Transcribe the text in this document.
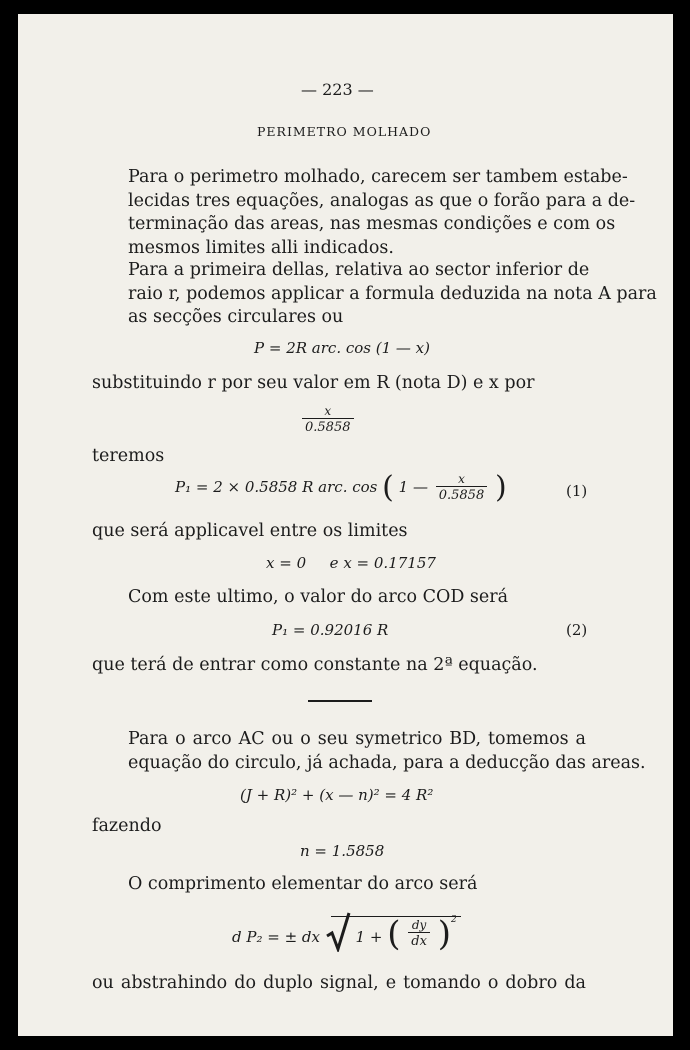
— 223 —
PERIMETRO MOLHADO
Para o perimetro molhado, carecem ser tambem estabe-
lecidas tres equações, analogas as que o forão para a de-
terminação das areas, nas mesmas condições e com os
mesmos limites alli indicados.
Para a primeira dellas, relativa ao sector inferior de
raio r, podemos applicar a formula deduzida na nota A para
as secções circulares ou
P = 2R arc. cos (1 — x)
substituindo r por seu valor em R (nota D) e x por
$\frac{x}{0.5858}$
teremos
P₁ = 2 × 0.5858 R arc. cos ( 1 — $\frac{x}{0.5858}$ )	(1)
que será applicavel entre os limites
x = 0 e x = 0.17157
Com este ultimo, o valor do arco COD será
P₁ = 0.92016 R	(2)
que terá de entrar como constante na 2ª equação.
Para o arco AC ou o seu symetrico BD, tomemos a
equação do circulo, já achada, para a deducção das areas.
(J + R)² + (x — n)² = 4 R²
fazendo
n = 1.5858
O comprimento elementar do arco será
d P₂ = ± dx 1 + ( $\frac{dy}{dx} )^2$
ou abstrahindo do duplo signal, e tomando o dobro da
